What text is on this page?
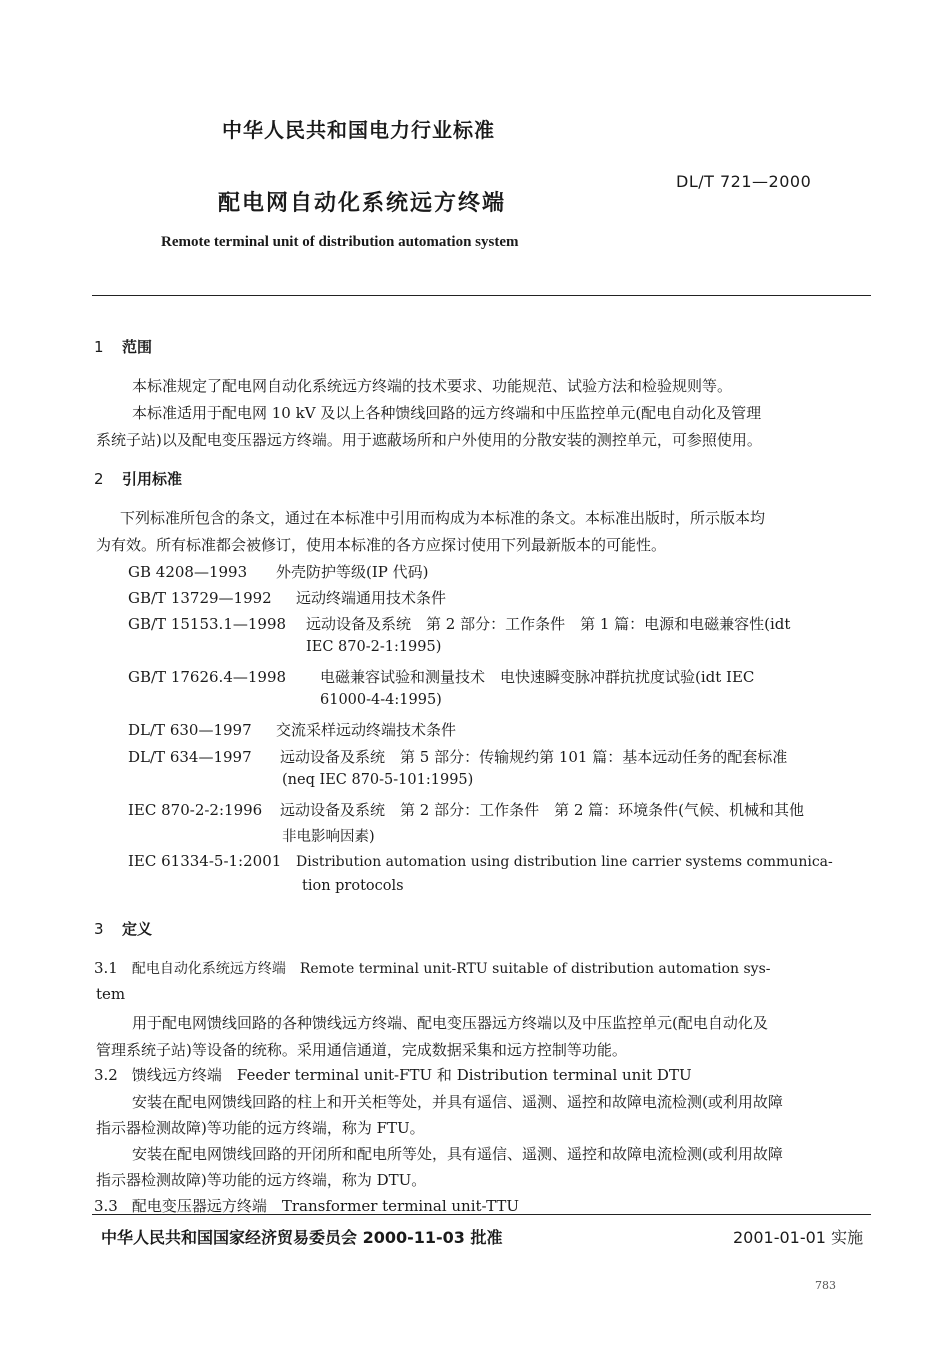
中华人民共和国电力行业标准
DL/T 721—2000
配电网自动化系统远方终端
Remote terminal unit of distribution automation system
1 范围
本标准规定了配电网自动化系统远方终端的技术要求、功能规范、试验方法和检验规则等。
本标准适用于配电网 10 kV 及以上各种馈线回路的远方终端和中压监控单元(配电自动化及管理
系统子站)以及配电变压器远方终端。用于遮蔽场所和户外使用的分散安装的测控单元，可参照使用。
2 引用标准
下列标准所包含的条文，通过在本标准中引用而构成为本标准的条文。本标准出版时，所示版本均
为有效。所有标准都会被修订，使用本标准的各方应探讨使用下列最新版本的可能性。
GB 4208—1993 外壳防护等级(IP 代码)
GB/T 13729—1992 远动终端通用技术条件
GB/T 15153.1—1998 远动设备及系统　第 2 部分：工作条件　第 1 篇：电源和电磁兼容性(idt
IEC 870-2-1:1995)
GB/T 17626.4—1998 电磁兼容试验和测量技术　电快速瞬变脉冲群抗扰度试验(idt IEC
61000-4-4:1995)
DL/T 630—1997 交流采样远动终端技术条件
DL/T 634—1997 远动设备及系统　第 5 部分：传输规约第 101 篇：基本远动任务的配套标准
(neq IEC 870-5-101:1995)
IEC 870-2-2:1996 远动设备及系统　第 2 部分：工作条件　第 2 篇：环境条件(气候、机械和其他
非电影响因素)
IEC 61334-5-1:2001 Distribution automation using distribution line carrier systems communica-
tion protocols
3 定义
3.1 配电自动化系统远方终端　Remote terminal unit-RTU suitable of distribution automation sys-
tem
用于配电网馈线回路的各种馈线远方终端、配电变压器远方终端以及中压监控单元(配电自动化及
管理系统子站)等设备的统称。采用通信通道，完成数据采集和远方控制等功能。
3.2 馈线远方终端　Feeder terminal unit-FTU 和 Distribution terminal unit DTU
安装在配电网馈线回路的柱上和开关柜等处，并具有遥信、遥测、遥控和故障电流检测(或利用故障
指示器检测故障)等功能的远方终端，称为 FTU。
安装在配电网馈线回路的开闭所和配电所等处，具有遥信、遥测、遥控和故障电流检测(或利用故障
指示器检测故障)等功能的远方终端，称为 DTU。
3.3 配电变压器远方终端　Transformer terminal unit-TTU
中华人民共和国国家经济贸易委员会 2000-11-03 批准	2001-01-01 实施
783
